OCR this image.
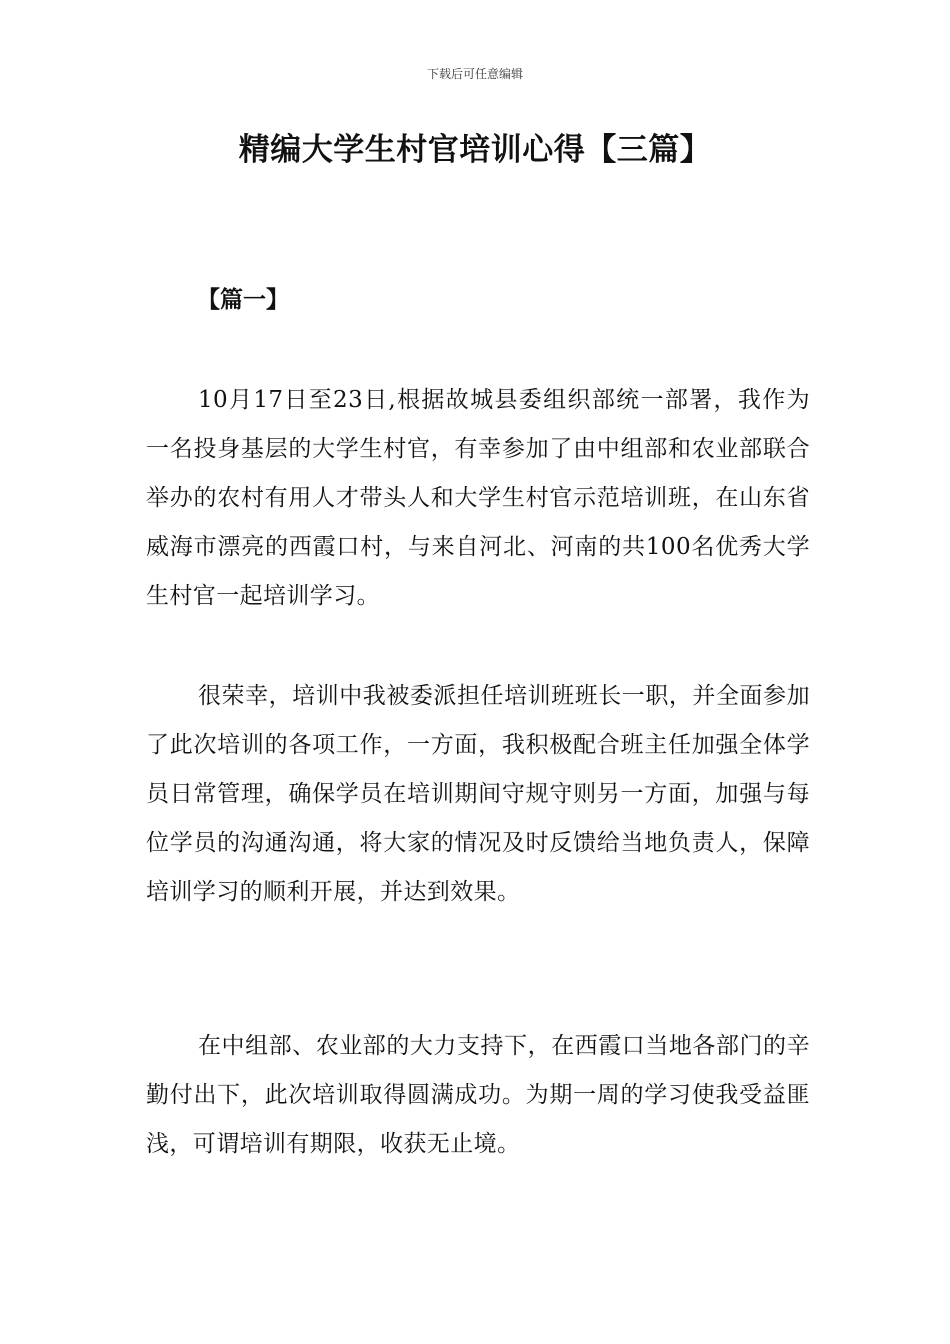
下载后可任意编辑
精编大学生村官培训心得【三篇】
【篇一】

10月17日至23日,根据故城县委组织部统一部署，我作为一名投身基层的大学生村官，有幸参加了由中组部和农业部联合举办的农村有用人才带头人和大学生村官示范培训班，在山东省威海市漂亮的西霞口村，与来自河北、河南的共100名优秀大学生村官一起培训学习。

很荣幸，培训中我被委派担任培训班班长一职，并全面参加了此次培训的各项工作，一方面，我积极配合班主任加强全体学员日常管理，确保学员在培训期间守规守则另一方面，加强与每位学员的沟通沟通，将大家的情况及时反馈给当地负责人，保障培训学习的顺利开展，并达到效果。

在中组部、农业部的大力支持下，在西霞口当地各部门的辛勤付出下，此次培训取得圆满成功。为期一周的学习使我受益匪浅，可谓培训有期限，收获无止境。
